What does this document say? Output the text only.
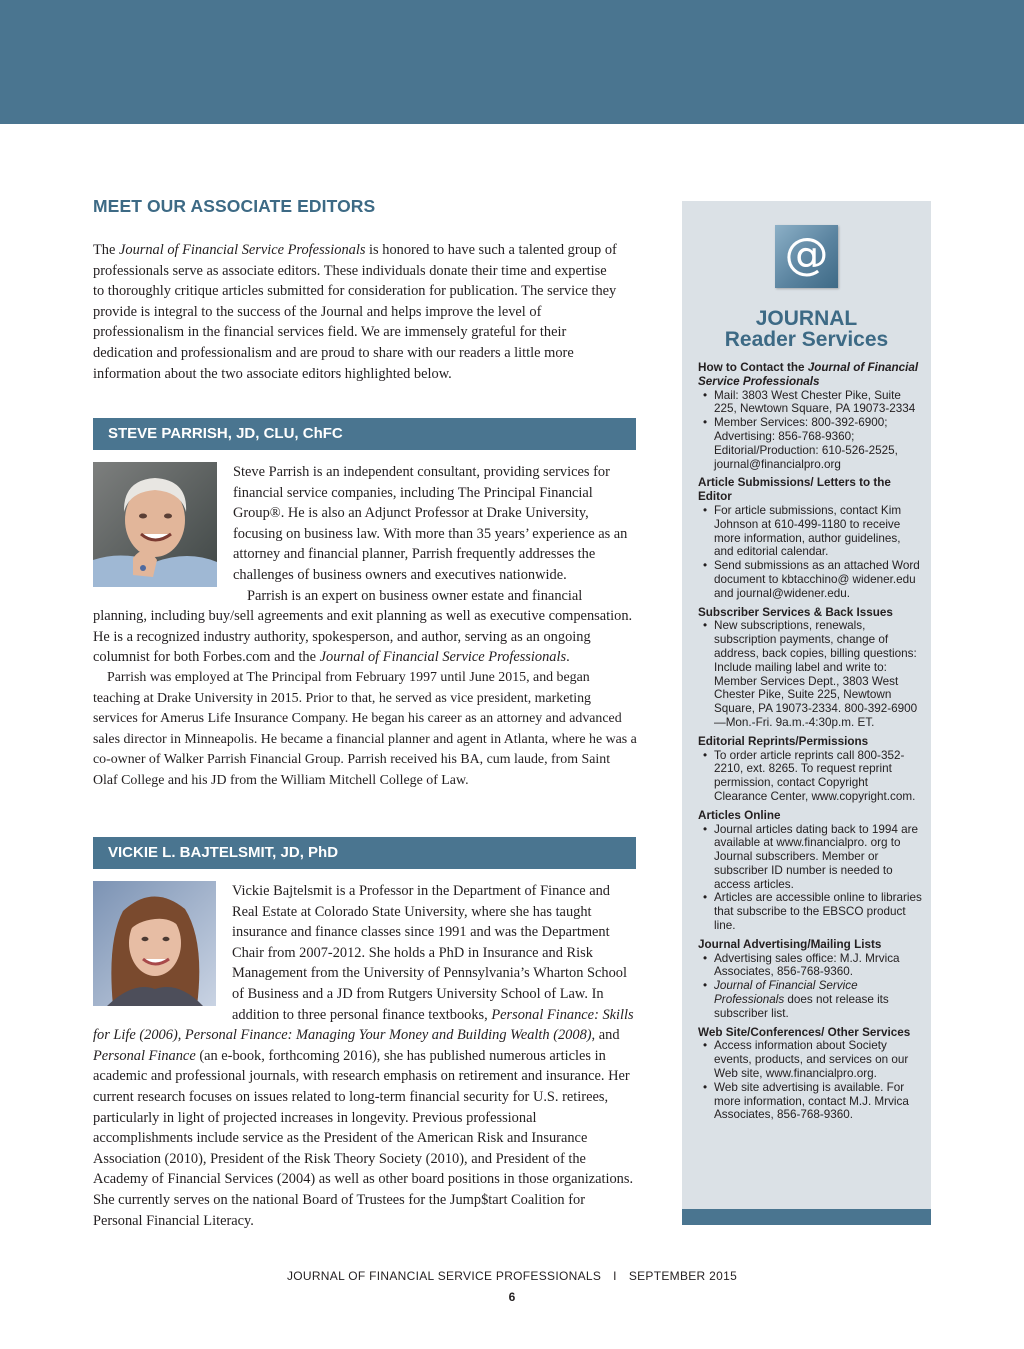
MEET OUR ASSOCIATE EDITORS

The Journal of Financial Service Professionals is honored to have such a talented group of professionals serve as associate editors. These individuals donate their time and expertise to thoroughly critique articles submitted for consideration for publication. The service they provide is integral to the success of the Journal and helps improve the level of professionalism in the financial services field. We are immensely grateful for their dedication and professionalism and are proud to share with our readers a little more information about the two associate editors highlighted below.

STEVE PARRISH, JD, CLU, ChFC

Steve Parrish is an independent consultant, providing services for financial service companies, including The Principal Financial Group®. He is also an Adjunct Professor at Drake University, focusing on business law. With more than 35 years’ experience as an attorney and financial planner, Parrish frequently addresses the challenges of business owners and executives nationwide.

Parrish is an expert on business owner estate and financial planning, including buy/sell agreements and exit planning as well as executive compensation. He is a recognized industry authority, spokesperson, and author, serving as an ongoing columnist for both Forbes.com and the Journal of Financial Service Professionals.

Parrish was employed at The Principal from February 1997 until June 2015, and began teaching at Drake University in 2015. Prior to that, he served as vice president, marketing services for Amerus Life Insurance Company. He began his career as an attorney and advanced sales director in Minneapolis. He became a financial planner and agent in Atlanta, where he was a co-owner of Walker Parrish Financial Group. Parrish received his BA, cum laude, from Saint Olaf College and his JD from the William Mitchell College of Law.

VICKIE L. BAJTELSMIT, JD, PhD

Vickie Bajtelsmit is a Professor in the Department of Finance and Real Estate at Colorado State University, where she has taught insurance and finance classes since 1991 and was the Department Chair from 2007-2012. She holds a PhD in Insurance and Risk Management from the University of Pennsylvania’s Wharton School of Business and a JD from Rutgers University School of Law. In addition to three personal finance textbooks, Personal Finance: Skills for Life (2006), Personal Finance: Managing Your Money and Building Wealth (2008), and Personal Finance (an e-book, forthcoming 2016), she has published numerous articles in academic and professional journals, with research emphasis on retirement and insurance. Her current research focuses on issues related to long-term financial security for U.S. retirees, particularly in light of projected increases in longevity. Previous professional accomplishments include service as the President of the American Risk and Insurance Association (2010), President of the Risk Theory Society (2010), and President of the Academy of Financial Services (2004) as well as other board positions in those organizations. She currently serves on the national Board of Trustees for the Jump$tart Coalition for Personal Financial Literacy.

@
JOURNAL
Reader Services
How to Contact the Journal of Financial Service Professionals
• Mail: 3803 West Chester Pike, Suite 225, Newtown Square, PA 19073-2334
• Member Services: 800-392-6900; Advertising: 856-768-9360; Editorial/Production: 610-526-2525, journal@financialpro.org
Article Submissions/ Letters to the Editor
• For article submissions, contact Kim Johnson at 610-499-1180 to receive more information, author guidelines, and editorial calendar.
• Send submissions as an attached Word document to kbtacchino@ widener.edu and journal@widener.edu.
Subscriber Services & Back Issues
• New subscriptions, renewals, subscription payments, change of address, back copies, billing questions: Include mailing label and write to: Member Services Dept., 3803 West Chester Pike, Suite 225, Newtown Square, PA 19073-2334. 800-392-6900—Mon.-Fri. 9a.m.-4:30p.m. ET.
Editorial Reprints/Permissions
• To order article reprints call 800-352-2210, ext. 8265. To request reprint permission, contact Copyright Clearance Center, www.copyright.com.
Articles Online
• Journal articles dating back to 1994 are available at www.financialpro. org to Journal subscribers. Member or subscriber ID number is needed to access articles.
• Articles are accessible online to libraries that subscribe to the EBSCO product line.
Journal Advertising/Mailing Lists
• Advertising sales office: M.J. Mrvica Associates, 856-768-9360.
• Journal of Financial Service Professionals does not release its subscriber list.
Web Site/Conferences/ Other Services
• Access information about Society events, products, and services on our Web site, www.financialpro.org.
• Web site advertising is available. For more information, contact M.J. Mrvica Associates, 856-768-9360.
JOURNAL OF FINANCIAL SERVICE PROFESSIONALS I SEPTEMBER 2015
6
